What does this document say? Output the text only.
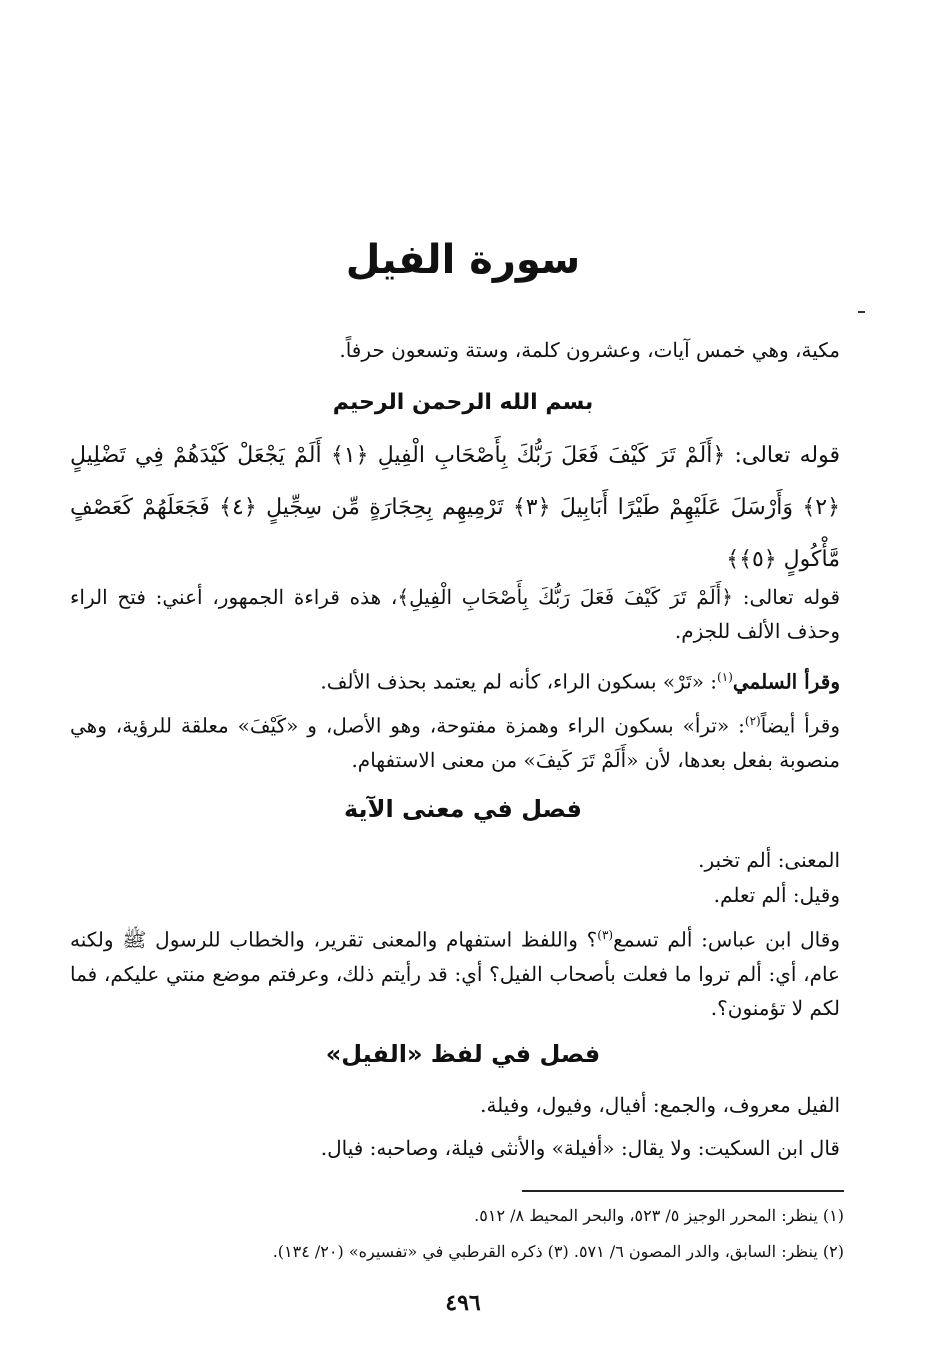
سورة الفيل
مكية، وهي خمس آيات، وعشرون كلمة، وستة وتسعون حرفاً.
بسم الله الرحمن الرحيم
قوله تعالى: ﴿أَلَمْ تَرَ كَيْفَ فَعَلَ رَبُّكَ بِأَصْحَابِ الْفِيلِ ﴿١﴾ أَلَمْ يَجْعَلْ كَيْدَهُمْ فِي تَضْلِيلٍ ﴿٢﴾ وَأَرْسَلَ عَلَيْهِمْ طَيْرًا أَبَابِيلَ ﴿٣﴾ تَرْمِيهِم بِحِجَارَةٍ مِّن سِجِّيلٍ ﴿٤﴾ فَجَعَلَهُمْ كَعَصْفٍ مَّأْكُولٍ ﴿٥﴾﴾
قوله تعالى: ﴿أَلَمْ تَرَ كَيْفَ فَعَلَ رَبُّكَ بِأَصْحَابِ الْفِيلِ﴾، هذه قراءة الجمهور، أعني: فتح الراء وحذف الألف للجزم.
وقرأ السلمي$^{(١)}$: «تَرْ» بسكون الراء، كأنه لم يعتمد بحذف الألف.
وقرأ أيضاً$^{(٢)}$: «ترأ» بسكون الراء وهمزة مفتوحة، وهو الأصل، و «كَيْفَ» معلقة للرؤية، وهي منصوبة بفعل بعدها، لأن «أَلَمْ تَرَ كَيفَ» من معنى الاستفهام.
فصل في معنى الآية
المعنى: ألم تخبر.
وقيل: ألم تعلم.
وقال ابن عباس: ألم تسمع$^{(٣)}$؟ واللفظ استفهام والمعنى تقرير، والخطاب للرسول ﷺ ولكنه عام، أي: ألم تروا ما فعلت بأصحاب الفيل؟ أي: قد رأيتم ذلك، وعرفتم موضع منتي عليكم، فما لكم لا تؤمنون؟.
فصل في لفظ «الفيل»
الفيل معروف، والجمع: أفيال، وفيول، وفيلة.
قال ابن السكيت: ولا يقال: «أفيلة» والأنثى فيلة، وصاحبه: فيال.
(١) ينظر: المحرر الوجيز ٥/ ٥٢٣، والبحر المحيط ٨/ ٥١٢.
(٢) ينظر: السابق، والدر المصون ٦/ ٥٧١. (٣) ذكره القرطبي في «تفسيره» (٢٠/ ١٣٤).
٤٩٦
